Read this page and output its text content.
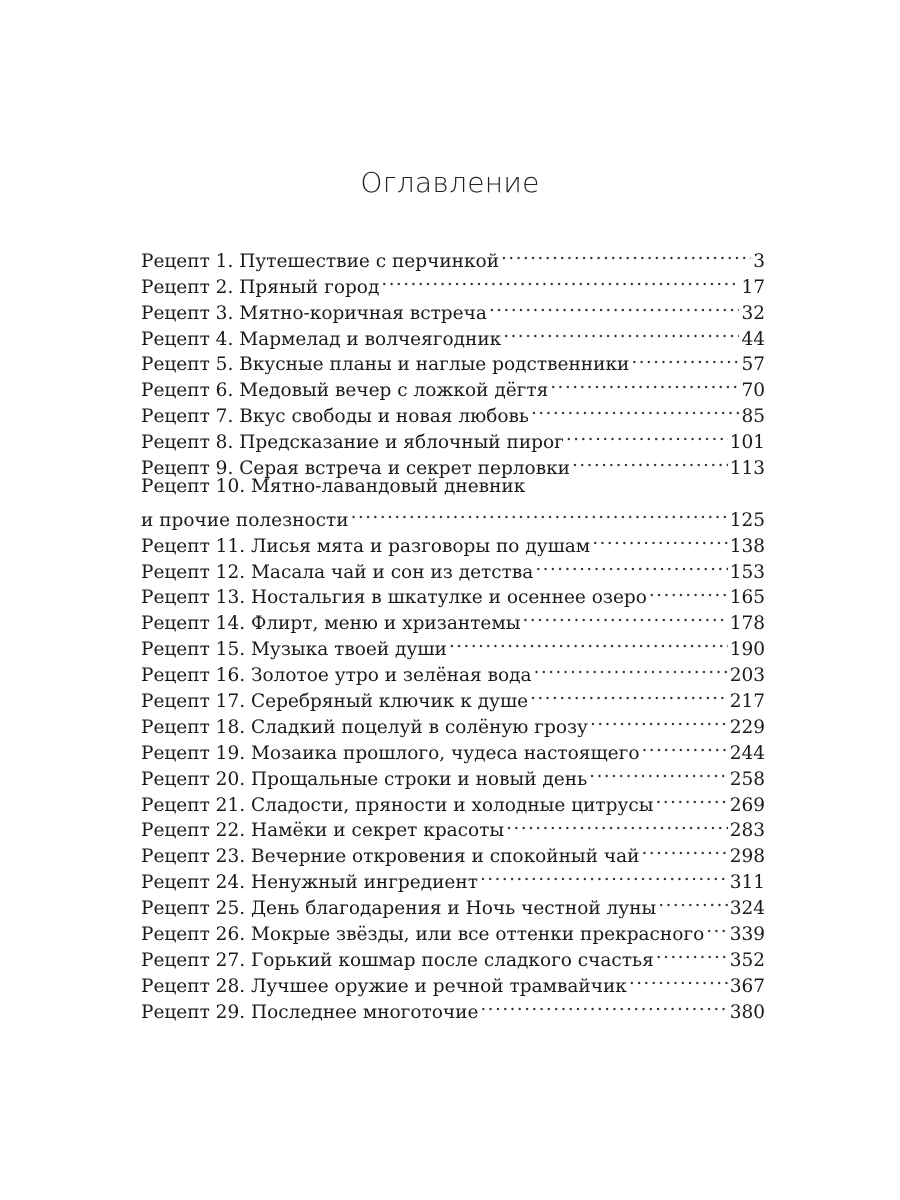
Оглавление
Рецепт 1. Путешествие с перчинкой .....	3
Рецепт 2. Пряный город .....	17
Рецепт 3. Мятно-коричная встреча .....	32
Рецепт 4. Мармелад и волчеягодник .....	44
Рецепт 5. Вкусные планы и наглые родственники .....	57
Рецепт 6. Медовый вечер с ложкой дёгтя .....	70
Рецепт 7. Вкус свободы и новая любовь .....	85
Рецепт 8. Предсказание и яблочный пирог .....	101
Рецепт 9. Серая встреча и секрет перловки .....	113
Рецепт 10. Мятно-лавандовый дневник
и прочие полезности .....	125
Рецепт 11. Лисья мята и разговоры по душам .....	138
Рецепт 12. Масала чай и сон из детства .....	153
Рецепт 13. Ностальгия в шкатулке и осеннее озеро .....	165
Рецепт 14. Флирт, меню и хризантемы .....	178
Рецепт 15. Музыка твоей души .....	190
Рецепт 16. Золотое утро и зелёная вода .....	203
Рецепт 17. Серебряный ключик к душе .....	217
Рецепт 18. Сладкий поцелуй в солёную грозу .....	229
Рецепт 19. Мозаика прошлого, чудеса настоящего .....	244
Рецепт 20. Прощальные строки и новый день .....	258
Рецепт 21. Сладости, пряности и холодные цитрусы .....	269
Рецепт 22. Намёки и секрет красоты .....	283
Рецепт 23. Вечерние откровения и спокойный чай .....	298
Рецепт 24. Ненужный ингредиент .....	311
Рецепт 25. День благодарения и Ночь честной луны .....	324
Рецепт 26. Мокрые звёзды, или все оттенки прекрасного ..... 339
Рецепт 27. Горький кошмар после сладкого счастья .....	352
Рецепт 28. Лучшее оружие и речной трамвайчик .....	367
Рецепт 29. Последнее многоточие .....	380
